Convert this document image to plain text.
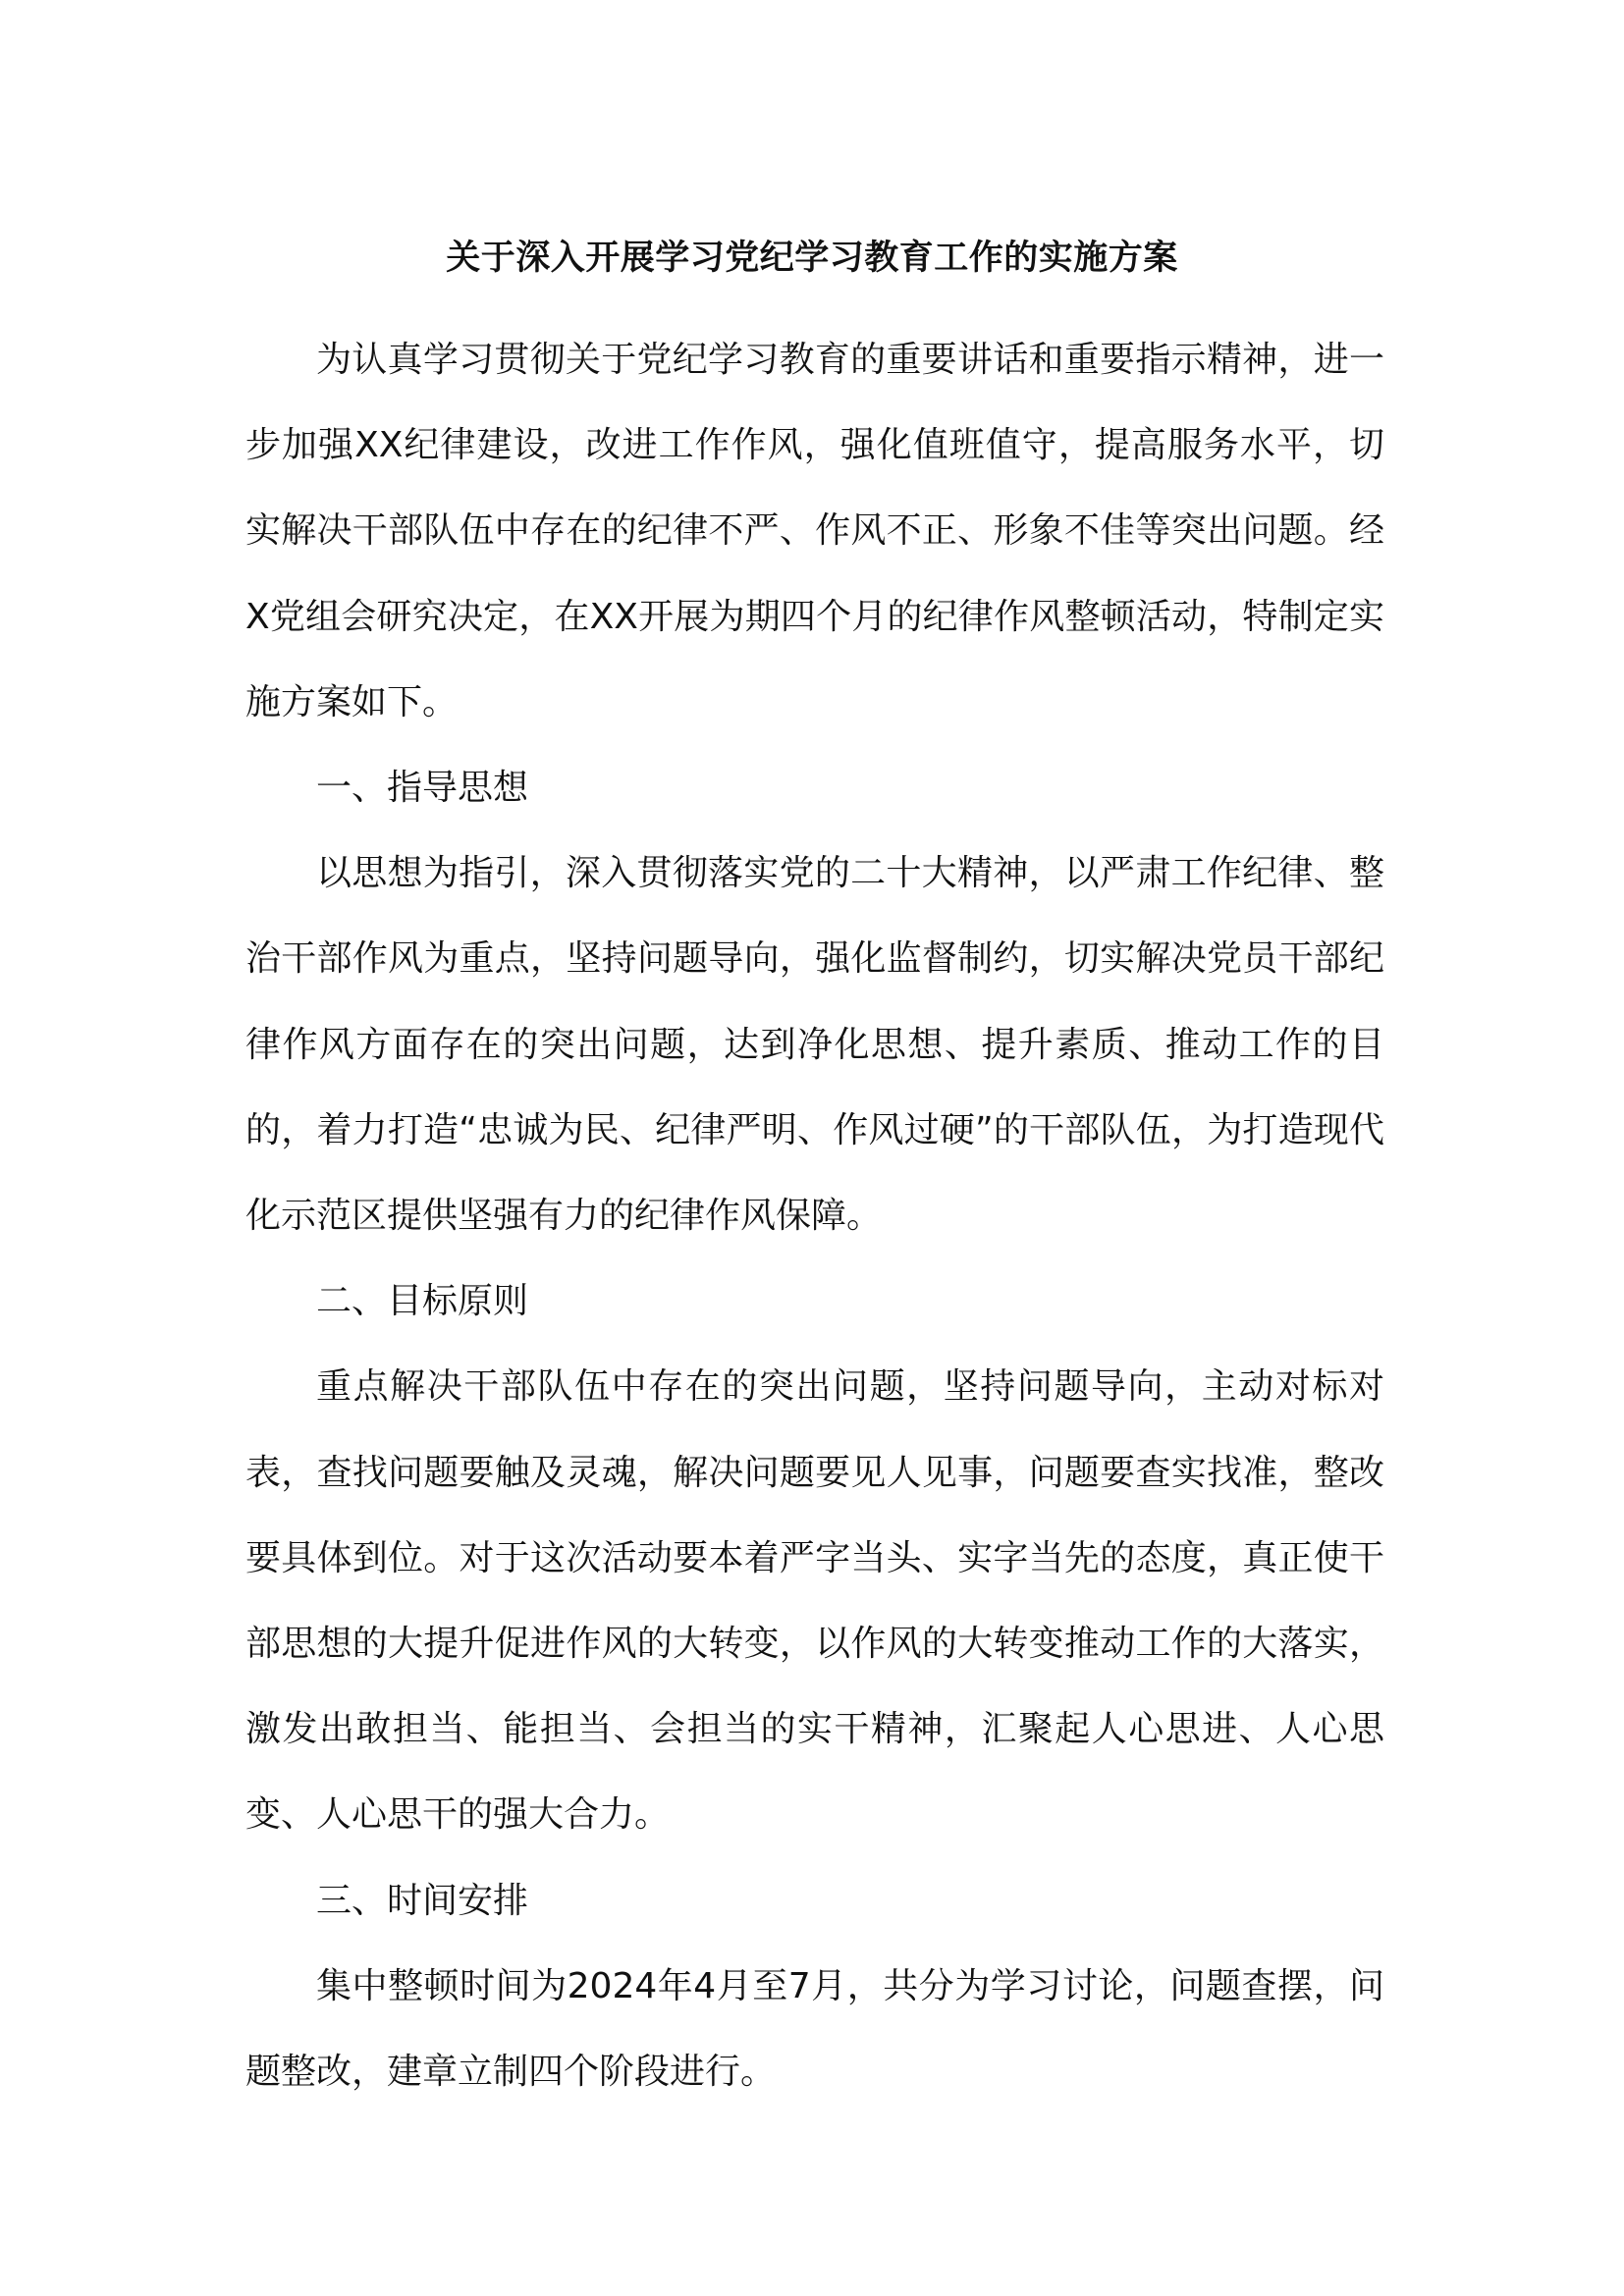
关于深入开展学习党纪学习教育工作的实施方案

为认真学习贯彻关于党纪学习教育的重要讲话和重要指示精神，进一步加强XX纪律建设，改进工作作风，强化值班值守，提高服务水平，切实解决干部队伍中存在的纪律不严、作风不正、形象不佳等突出问题。经X党组会研究决定，在XX开展为期四个月的纪律作风整顿活动，特制定实施方案如下。

一、指导思想

以思想为指引，深入贯彻落实党的二十大精神，以严肃工作纪律、整治干部作风为重点，坚持问题导向，强化监督制约，切实解决党员干部纪律作风方面存在的突出问题，达到净化思想、提升素质、推动工作的目的，着力打造“忠诚为民、纪律严明、作风过硬”的干部队伍，为打造现代化示范区提供坚强有力的纪律作风保障。

二、目标原则

重点解决干部队伍中存在的突出问题，坚持问题导向，主动对标对表，查找问题要触及灵魂，解决问题要见人见事，问题要查实找准，整改要具体到位。对于这次活动要本着严字当头、实字当先的态度，真正使干部思想的大提升促进作风的大转变，以作风的大转变推动工作的大落实，激发出敢担当、能担当、会担当的实干精神，汇聚起人心思进、人心思变、人心思干的强大合力。

三、时间安排

集中整顿时间为2024年4月至7月，共分为学习讨论，问题查摆，问题整改，建章立制四个阶段进行。
